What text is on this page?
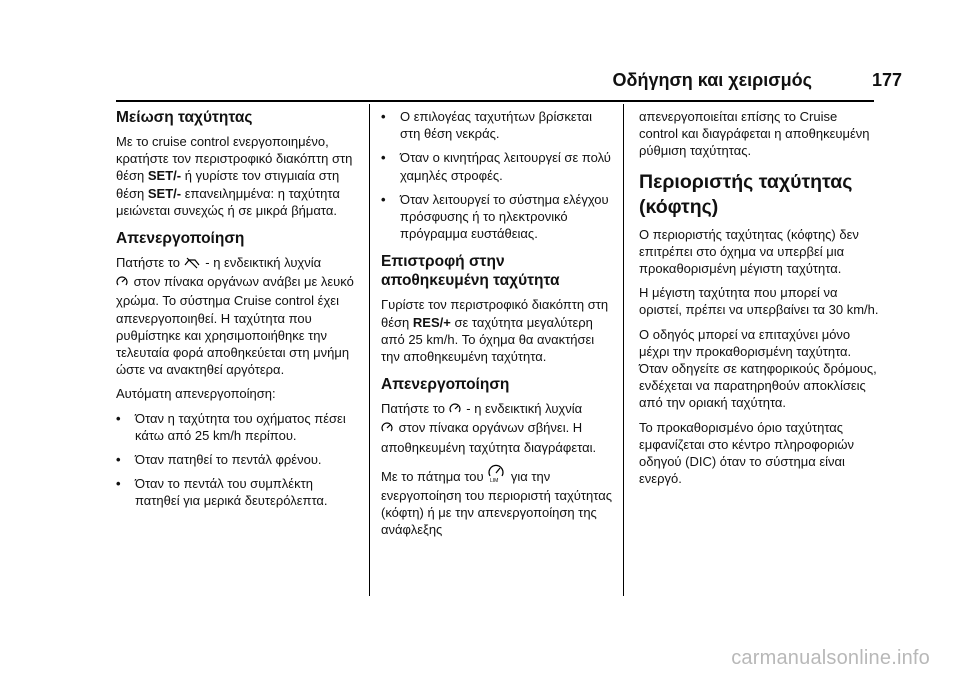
Οδήγηση και χειρισμός	177
Μείωση ταχύτητας

Με το cruise control ενεργοποιημένο, κρατήστε τον περιστροφικό διακόπτη στη θέση SET/- ή γυρίστε τον στιγμιαία στη θέση SET/- επανειλημμένα: η ταχύτητα μειώνεται συνεχώς ή σε μικρά βήματα.

Απενεργοποίηση

Πατήστε το  - η ενδεικτική λυχνία
στον πίνακα οργάνων ανάβει με λευκό χρώμα. Το σύστημα Cruise control έχει απενεργοποιηθεί. Η ταχύτητα που ρυθμίστηκε και χρησιμοποιήθηκε την τελευταία φορά αποθηκεύεται στη μνήμη ώστε να ανακτηθεί αργότερα.

Αυτόματη απενεργοποίηση:

• Όταν η ταχύτητα του οχήματος πέσει κάτω από 25 km/h περίπου.
• Όταν πατηθεί το πεντάλ φρένου.
• Όταν το πεντάλ του συμπλέκτη πατηθεί για μερικά δευτερόλεπτα.
• Ο επιλογέας ταχυτήτων βρίσκεται στη θέση νεκράς.
• Όταν ο κινητήρας λειτουργεί σε πολύ χαμηλές στροφές.
• Όταν λειτουργεί το σύστημα ελέγχου πρόσφυσης ή το ηλεκτρονικό πρόγραμμα ευστάθειας.
Επιστροφή στην αποθηκευμένη ταχύτητα

Γυρίστε τον περιστροφικό διακόπτη στη θέση RES/+ σε ταχύτητα μεγαλύτερη από 25 km/h. Το όχημα θα ανακτήσει την αποθηκευμένη ταχύτητα.

Απενεργοποίηση

Πατήστε το  - η ενδεικτική λυχνία
στον πίνακα οργάνων σβήνει. Η αποθηκευμένη ταχύτητα διαγράφεται.

Με το πάτημα του LIM για την ενεργοποίηση του περιοριστή ταχύτητας (κόφτη) ή με την απενεργοποίηση της ανάφλεξης

απενεργοποιείται επίσης το Cruise control και διαγράφεται η αποθηκευμένη ρύθμιση ταχύτητας.

Περιοριστής ταχύτητας (κόφτης)

Ο περιοριστής ταχύτητας (κόφτης) δεν επιτρέπει στο όχημα να υπερβεί μια προκαθορισμένη μέγιστη ταχύτητα.

Η μέγιστη ταχύτητα που μπορεί να οριστεί, πρέπει να υπερβαίνει τα 30 km/h.

Ο οδηγός μπορεί να επιταχύνει μόνο μέχρι την προκαθορισμένη ταχύτητα. Όταν οδηγείτε σε κατηφορικούς δρόμους, ενδέχεται να παρατηρηθούν αποκλίσεις από την οριακή ταχύτητα.

Το προκαθορισμένο όριο ταχύτητας εμφανίζεται στο κέντρο πληροφοριών οδηγού (DIC) όταν το σύστημα είναι ενεργό.

carmanualsonline.info
